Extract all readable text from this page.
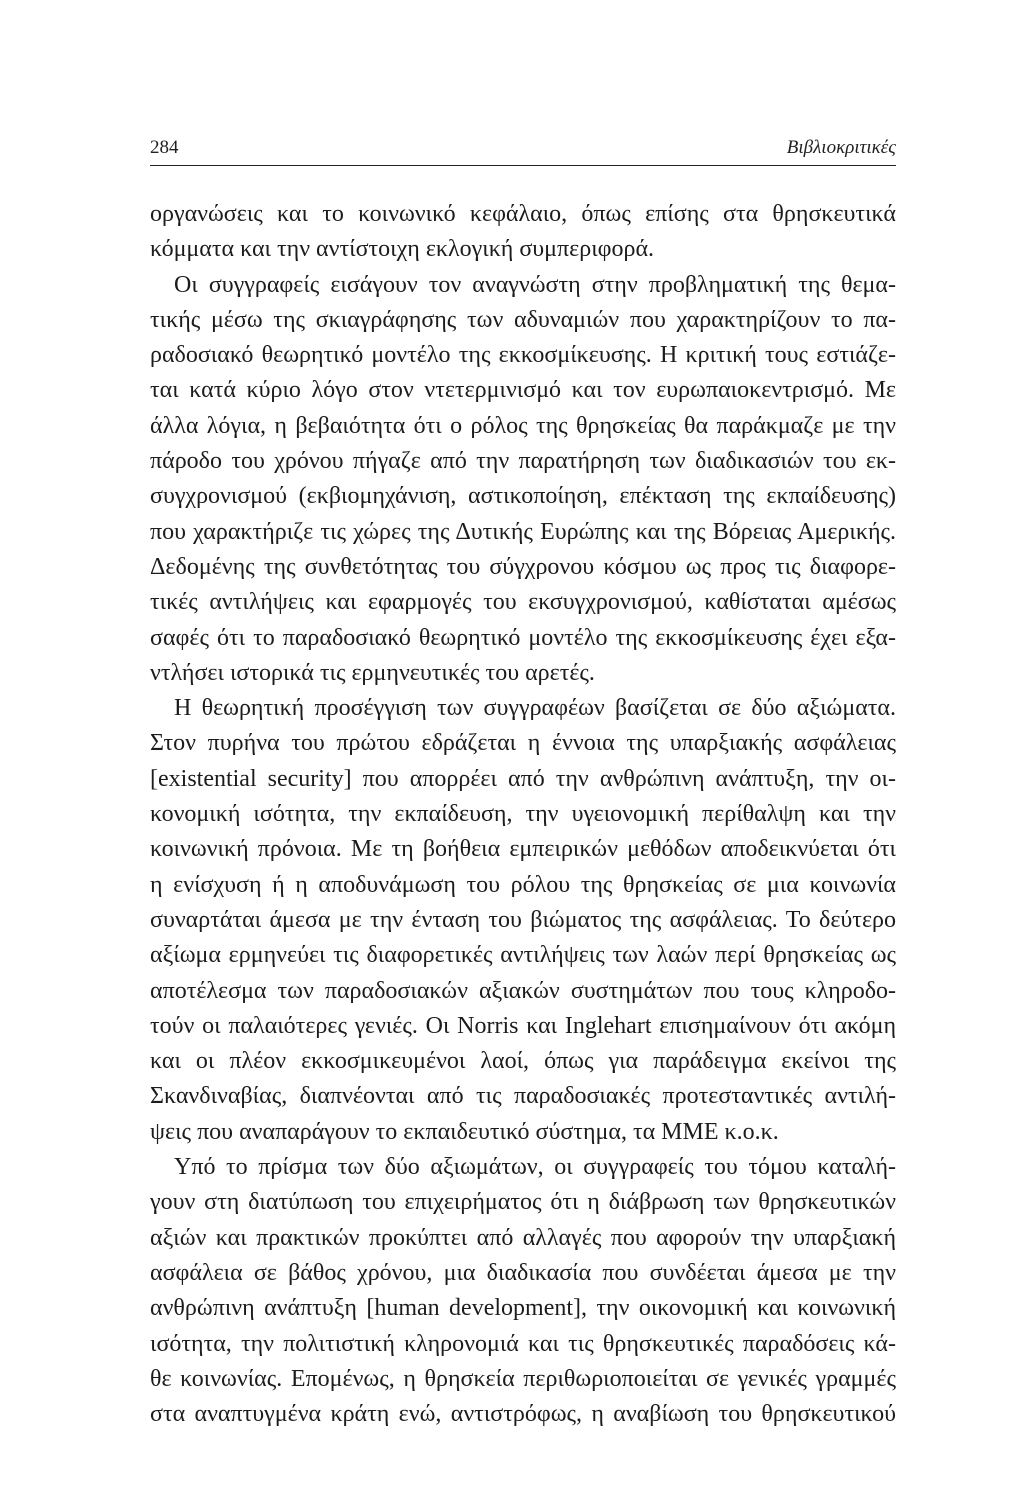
284	Βιβλιοκριτικές
οργανώσεις και το κοινωνικό κεφάλαιο, όπως επίσης στα θρησκευτικά
κόμματα και την αντίστοιχη εκλογική συμπεριφορά.
Οι συγγραφείς εισάγουν τον αναγνώστη στην προβληματική της θεμα-
τικής μέσω της σκιαγράφησης των αδυναμιών που χαρακτηρίζουν το πα-
ραδοσιακό θεωρητικό μοντέλο της εκκοσμίκευσης. Η κριτική τους εστιάζε-
ται κατά κύριο λόγο στον ντετερμινισμό και τον ευρωπαιοκεντρισμό. Με
άλλα λόγια, η βεβαιότητα ότι ο ρόλος της θρησκείας θα παράκμαζε με την
πάροδο του χρόνου πήγαζε από την παρατήρηση των διαδικασιών του εκ-
συγχρονισμού (εκβιομηχάνιση, αστικοποίηση, επέκταση της εκπαίδευσης)
που χαρακτήριζε τις χώρες της Δυτικής Ευρώπης και της Βόρειας Αμερικής.
Δεδομένης της συνθετότητας του σύγχρονου κόσμου ως προς τις διαφορε-
τικές αντιλήψεις και εφαρμογές του εκσυγχρονισμού, καθίσταται αμέσως
σαφές ότι το παραδοσιακό θεωρητικό μοντέλο της εκκοσμίκευσης έχει εξα-
ντλήσει ιστορικά τις ερμηνευτικές του αρετές.
Η θεωρητική προσέγγιση των συγγραφέων βασίζεται σε δύο αξιώματα.
Στον πυρήνα του πρώτου εδράζεται η έννοια της υπαρξιακής ασφάλειας
[existential security] που απορρέει από την ανθρώπινη ανάπτυξη, την οι-
κονομική ισότητα, την εκπαίδευση, την υγειονομική περίθαλψη και την
κοινωνική πρόνοια. Με τη βοήθεια εμπειρικών μεθόδων αποδεικνύεται ότι
η ενίσχυση ή η αποδυνάμωση του ρόλου της θρησκείας σε μια κοινωνία
συναρτάται άμεσα με την ένταση του βιώματος της ασφάλειας. Το δεύτερο
αξίωμα ερμηνεύει τις διαφορετικές αντιλήψεις των λαών περί θρησκείας ως
αποτέλεσμα των παραδοσιακών αξιακών συστημάτων που τους κληροδο-
τούν οι παλαιότερες γενιές. Οι Norris και Inglehart επισημαίνουν ότι ακόμη
και οι πλέον εκκοσμικευμένοι λαοί, όπως για παράδειγμα εκείνοι της
Σκανδιναβίας, διαπνέονται από τις παραδοσιακές προτεσταντικές αντιλή-
ψεις που αναπαράγουν το εκπαιδευτικό σύστημα, τα ΜΜΕ κ.ο.κ.
Υπό το πρίσμα των δύο αξιωμάτων, οι συγγραφείς του τόμου καταλή-
γουν στη διατύπωση του επιχειρήματος ότι η διάβρωση των θρησκευτικών
αξιών και πρακτικών προκύπτει από αλλαγές που αφορούν την υπαρξιακή
ασφάλεια σε βάθος χρόνου, μια διαδικασία που συνδέεται άμεσα με την
ανθρώπινη ανάπτυξη [human development], την οικονομική και κοινωνική
ισότητα, την πολιτιστική κληρονομιά και τις θρησκευτικές παραδόσεις κά-
θε κοινωνίας. Επομένως, η θρησκεία περιθωριοποιείται σε γενικές γραμμές
στα αναπτυγμένα κράτη ενώ, αντιστρόφως, η αναβίωση του θρησκευτικού
